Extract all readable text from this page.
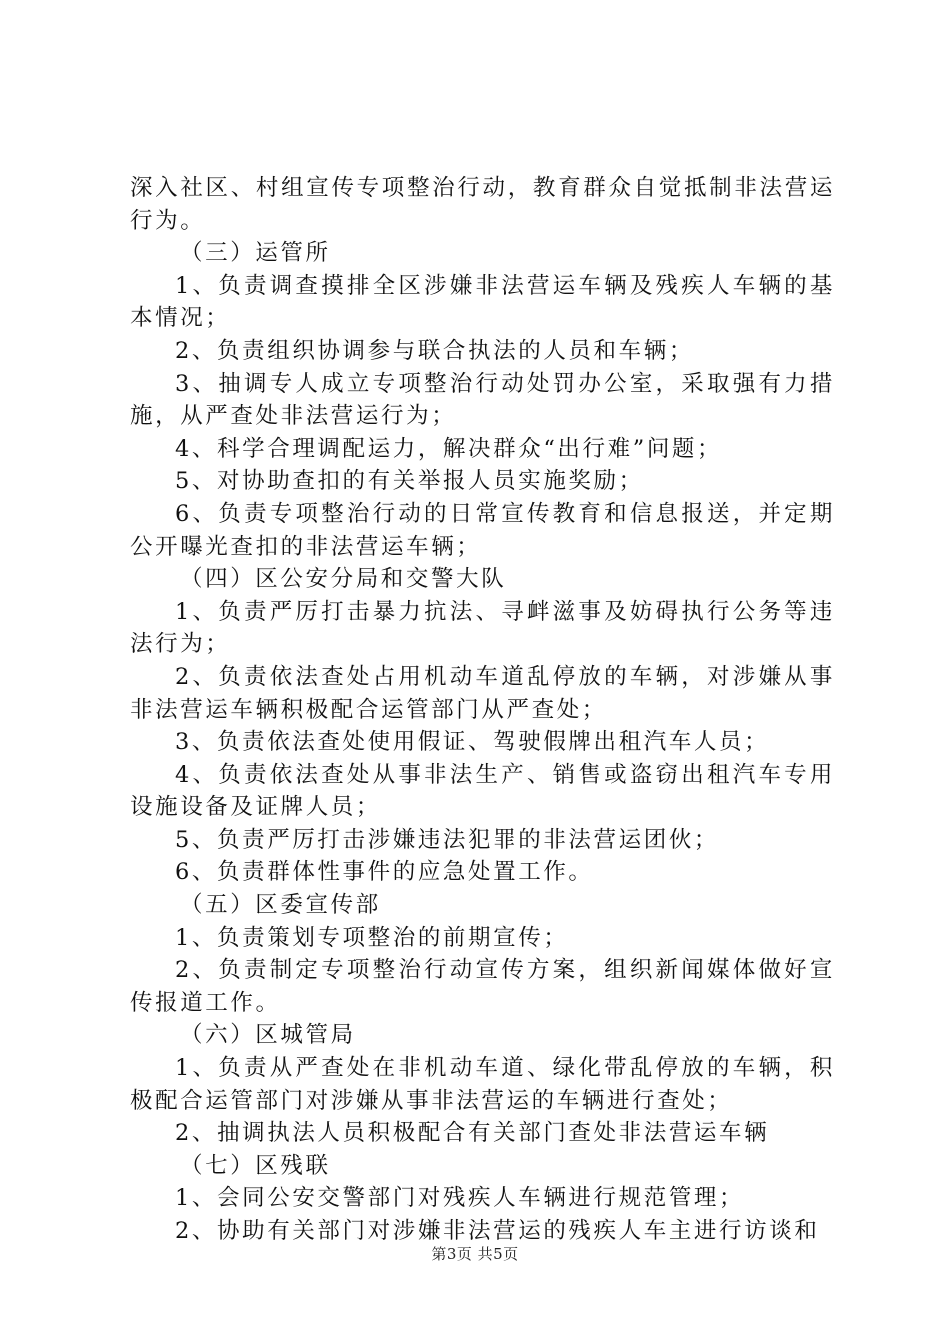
深入社区、村组宣传专项整治行动，教育群众自觉抵制非法营运行为。

（三）运管所

1、负责调查摸排全区涉嫌非法营运车辆及残疾人车辆的基本情况；

2、负责组织协调参与联合执法的人员和车辆；

3、抽调专人成立专项整治行动处罚办公室，采取强有力措施，从严查处非法营运行为；

4、科学合理调配运力，解决群众“出行难”问题；

5、对协助查扣的有关举报人员实施奖励；

6、负责专项整治行动的日常宣传教育和信息报送，并定期公开曝光查扣的非法营运车辆；

（四）区公安分局和交警大队

1、负责严厉打击暴力抗法、寻衅滋事及妨碍执行公务等违法行为；

2、负责依法查处占用机动车道乱停放的车辆，对涉嫌从事非法营运车辆积极配合运管部门从严查处；

3、负责依法查处使用假证、驾驶假牌出租汽车人员；

4、负责依法查处从事非法生产、销售或盗窃出租汽车专用设施设备及证牌人员；

5、负责严厉打击涉嫌违法犯罪的非法营运团伙；

6、负责群体性事件的应急处置工作。

（五）区委宣传部

1、负责策划专项整治的前期宣传；

2、负责制定专项整治行动宣传方案，组织新闻媒体做好宣传报道工作。

（六）区城管局

1、负责从严查处在非机动车道、绿化带乱停放的车辆，积极配合运管部门对涉嫌从事非法营运的车辆进行查处；

2、抽调执法人员积极配合有关部门查处非法营运车辆

（七）区残联

1、会同公安交警部门对残疾人车辆进行规范管理；

2、协助有关部门对涉嫌非法营运的残疾人车主进行访谈和

第3页 共5页
